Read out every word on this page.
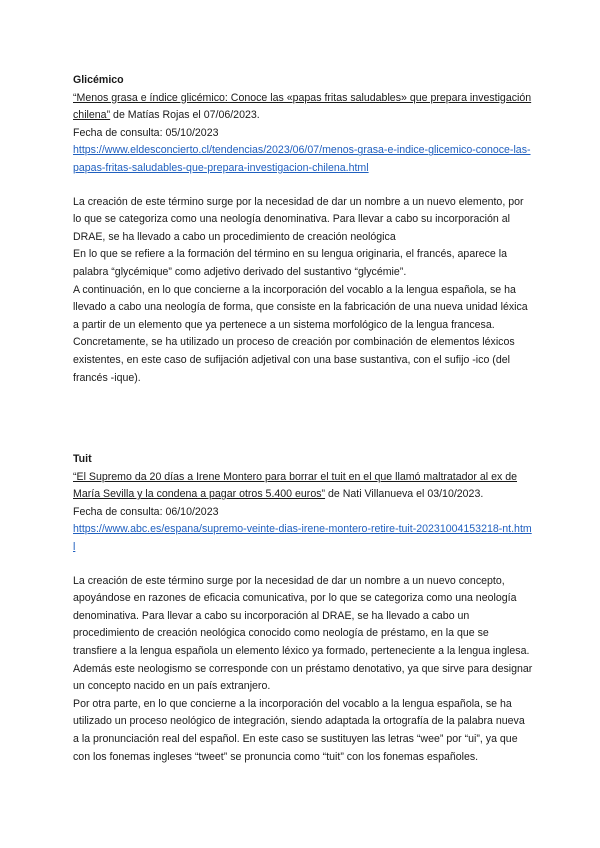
Glicémico
“Menos grasa e índice glicémico: Conoce las «papas fritas saludables» que prepara investigación chilena” de Matías Rojas el 07/06/2023.
Fecha de consulta: 05/10/2023
https://www.eldesconcierto.cl/tendencias/2023/06/07/menos-grasa-e-indice-glicemico-conoce-las-papas-fritas-saludables-que-prepara-investigacion-chilena.html

La creación de este término surge por la necesidad de dar un nombre a un nuevo elemento, por lo que se categoriza como una neología denominativa. Para llevar a cabo su incorporación al DRAE, se ha llevado a cabo un procedimiento de creación neológica

En lo que se refiere a la formación del término en su lengua originaria, el francés, aparece la palabra “glycémique” como adjetivo derivado del sustantivo “glycémie”.

A continuación, en lo que concierne a la incorporación del vocablo a la lengua española, se ha llevado a cabo una neología de forma, que consiste en la fabricación de una nueva unidad léxica a partir de un elemento que ya pertenece a un sistema morfológico de la lengua francesa. Concretamente, se ha utilizado un proceso de creación por combinación de elementos léxicos existentes, en este caso de sufijación adjetival con una base sustantiva, con el sufijo -ico (del francés -ique).

Tuit
“El Supremo da 20 días a Irene Montero para borrar el tuit en el que llamó maltratador al ex de María Sevilla y la condena a pagar otros 5.400 euros” de Nati Villanueva el 03/10/2023.
Fecha de consulta: 06/10/2023
https://www.abc.es/espana/supremo-veinte-dias-irene-montero-retire-tuit-20231004153218-nt.html

La creación de este término surge por la necesidad de dar un nombre a un nuevo concepto, apoyándose en razones de eficacia comunicativa, por lo que se categoriza como una neología denominativa. Para llevar a cabo su incorporación al DRAE, se ha llevado a cabo un procedimiento de creación neológica conocido como neología de préstamo, en la que se transfiere a la lengua española un elemento léxico ya formado, perteneciente a la lengua inglesa. Además este neologismo se corresponde con un préstamo denotativo, ya que sirve para designar un concepto nacido en un país extranjero.

Por otra parte, en lo que concierne a la incorporación del vocablo a la lengua española, se ha utilizado un proceso neológico de integración, siendo adaptada la ortografía de la palabra nueva a la pronunciación real del español. En este caso se sustituyen las letras “wee” por “ui”, ya que con los fonemas ingleses “tweet” se pronuncia como “tuit” con los fonemas españoles.
